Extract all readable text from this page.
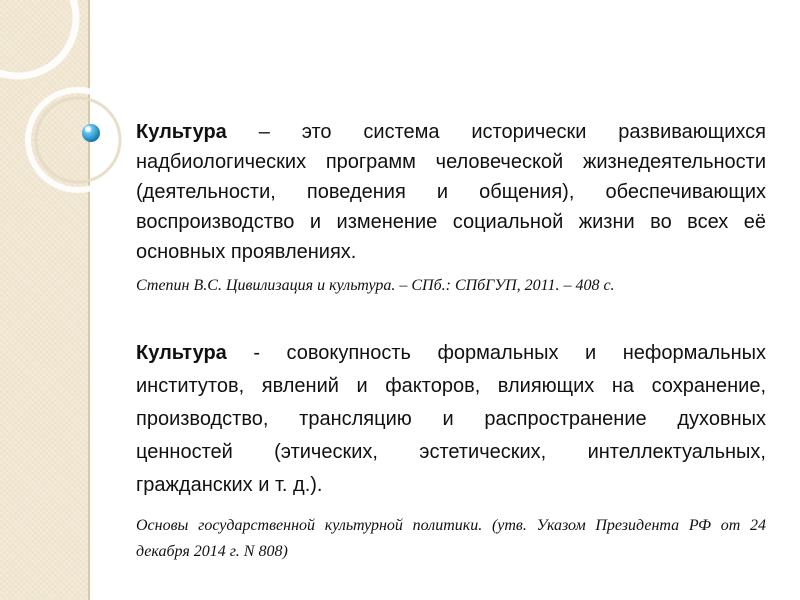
Культура – это система исторически развивающихся надбиологических программ человеческой жизнедеятельности (деятельности, поведения и общения), обеспечивающих воспроизводство и изменение социальной жизни во всех её основных проявлениях.

Степин В.С. Цивилизация и культура. – СПб.: СПбГУП, 2011. – 408 с.

Культура - совокупность формальных и неформальных институтов, явлений и факторов, влияющих на сохранение, производство, трансляцию и распространение духовных ценностей (этических, эстетических, интеллектуальных, гражданских и т. д.).

Основы государственной культурной политики. (утв. Указом Президента РФ от 24 декабря 2014 г. N 808)
